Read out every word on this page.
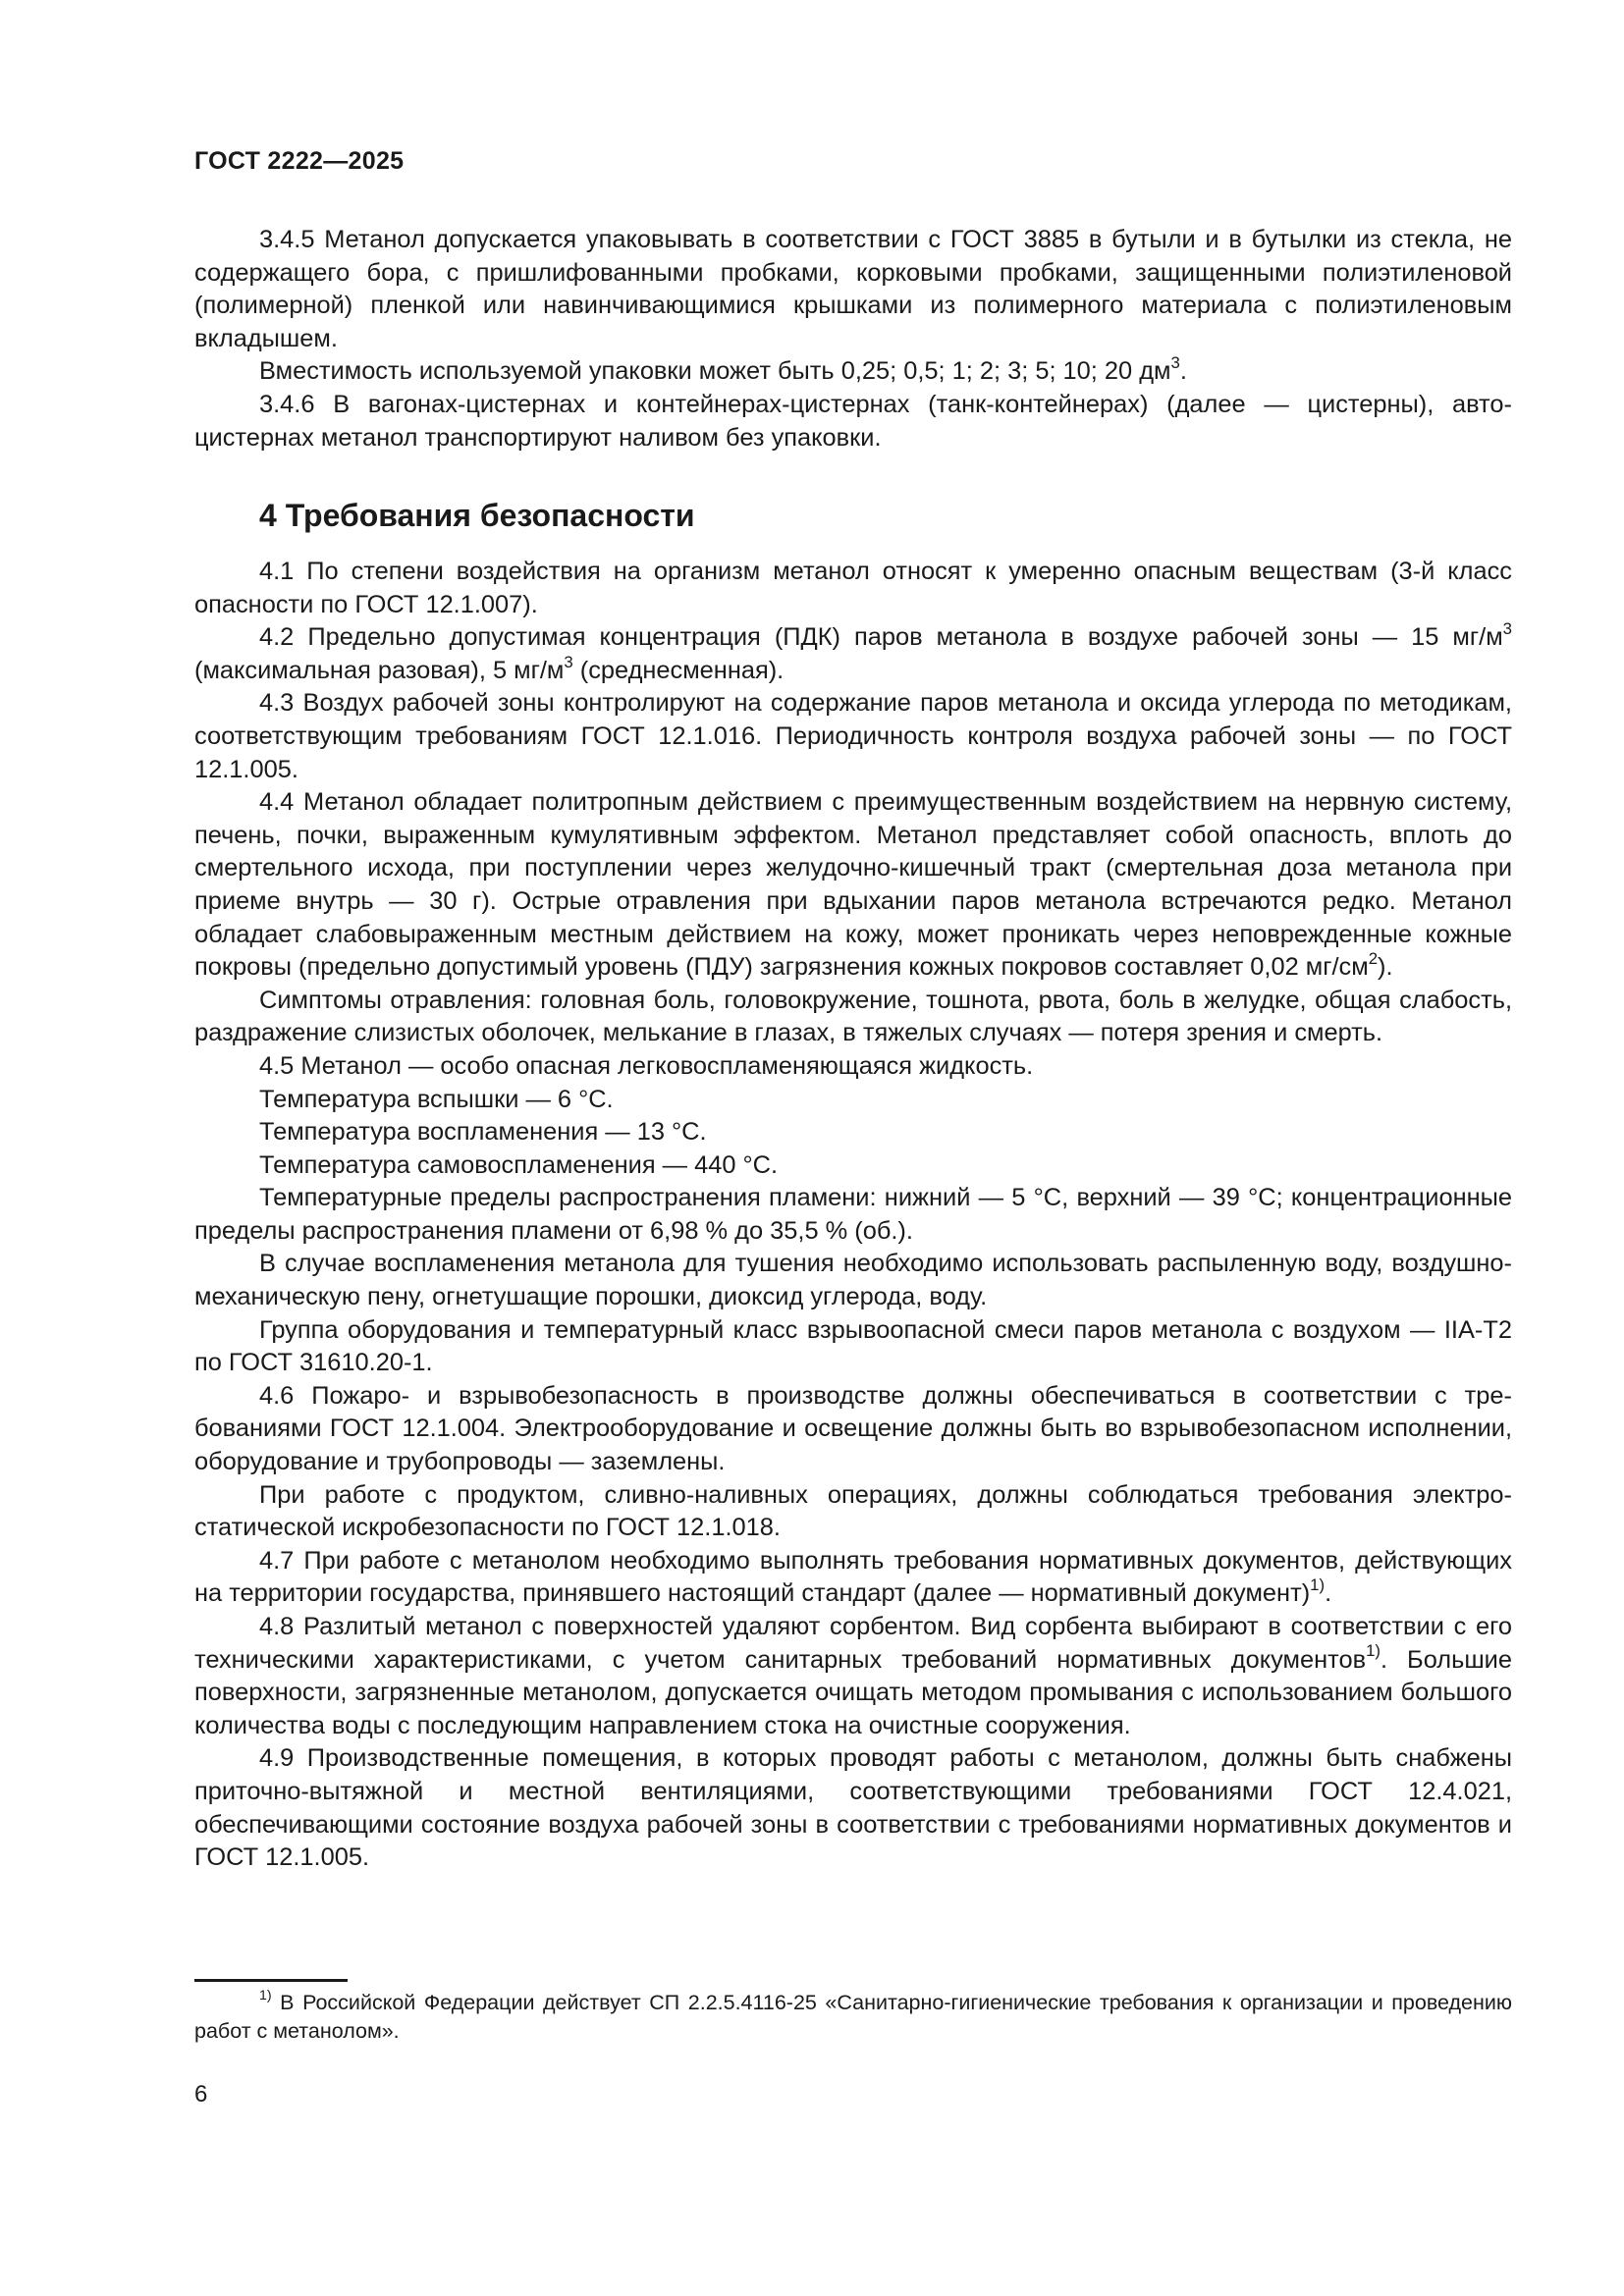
ГОСТ 2222—2025

3.4.5 Метанол допускается упаковывать в соответствии с ГОСТ 3885 в бутыли и в бутылки из стекла, не содержащего бора, с пришлифованными пробками, корковыми пробками, защищенными полиэтиленовой (полимерной) пленкой или навинчивающимися крышками из полимерного материала с полиэтиленовым вкладышем.

Вместимость используемой упаковки может быть 0,25; 0,5; 1; 2; 3; 5; 10; 20 $дм^3$.

3.4.6 В вагонах-цистернах и контейнерах-цистернах (танк-контейнерах) (далее — цистерны), автоцистернах метанол транспортируют наливом без упаковки.

4 Требования безопасности

4.1 По степени воздействия на организм метанол относят к умеренно опасным веществам (3-й класс опасности по ГОСТ 12.1.007).

4.2 Предельно допустимая концентрация (ПДК) паров метанола в воздухе рабочей зоны — 15 $мг/м^3$ (максимальная разовая), 5 $мг/м^3$ (среднесменная).

4.3 Воздух рабочей зоны контролируют на содержание паров метанола и оксида углерода по методикам, соответствующим требованиям ГОСТ 12.1.016. Периодичность контроля воздуха рабочей зоны — по ГОСТ 12.1.005.

4.4 Метанол обладает политропным действием с преимущественным воздействием на нервную систему, печень, почки, выраженным кумулятивным эффектом. Метанол представляет собой опасность, вплоть до смертельного исхода, при поступлении через желудочно-кишечный тракт (смертельная доза метанола при приеме внутрь — 30 г). Острые отравления при вдыхании паров метанола встречаются редко. Метанол обладает слабовыраженным местным действием на кожу, может проникать через неповрежденные кожные покровы (предельно допустимый уровень (ПДУ) загрязнения кожных покровов составляет 0,02 $мг/см^2$).

Симптомы отравления: головная боль, головокружение, тошнота, рвота, боль в желудке, общая слабость, раздражение слизистых оболочек, мелькание в глазах, в тяжелых случаях — потеря зрения и смерть.

4.5 Метанол — особо опасная легковоспламеняющаяся жидкость.

Температура вспышки — 6 °С.

Температура воспламенения — 13 °С.

Температура самовоспламенения — 440 °С.

Температурные пределы распространения пламени: нижний — 5 °С, верхний — 39 °С; концентрационные пределы распространения пламени от 6,98 % до 35,5 % (об.).

В случае воспламенения метанола для тушения необходимо использовать распыленную воду, воздушно-механическую пену, огнетушащие порошки, диоксид углерода, воду.

Группа оборудования и температурный класс взрывоопасной смеси паров метанола с воздухом — IIА-Т2 по ГОСТ 31610.20-1.

4.6 Пожаро- и взрывобезопасность в производстве должны обеспечиваться в соответствии с требованиями ГОСТ 12.1.004. Электрооборудование и освещение должны быть во взрывобезопасном исполнении, оборудование и трубопроводы — заземлены.

При работе с продуктом, сливно-наливных операциях, должны соблюдаться требования электростатической искробезопасности по ГОСТ 12.1.018.

4.7 При работе с метанолом необходимо выполнять требования нормативных документов, действующих на территории государства, принявшего настоящий стандарт (далее — нормативный документ)$^{1)}$.

4.8 Разлитый метанол с поверхностей удаляют сорбентом. Вид сорбента выбирают в соответствии с его техническими характеристиками, с учетом санитарных требований нормативных документов$^{1)}$. Большие поверхности, загрязненные метанолом, допускается очищать методом промывания с использованием большого количества воды с последующим направлением стока на очистные сооружения.

4.9 Производственные помещения, в которых проводят работы с метанолом, должны быть снабжены приточно-вытяжной и местной вентиляциями, соответствующими требованиями ГОСТ 12.4.021, обеспечивающими состояние воздуха рабочей зоны в соответствии с требованиями нормативных документов и ГОСТ 12.1.005.

$^{1)}$ В Российской Федерации действует СП 2.2.5.4116-25 «Санитарно-гигиенические требования к организации и проведению работ с метанолом».

6
